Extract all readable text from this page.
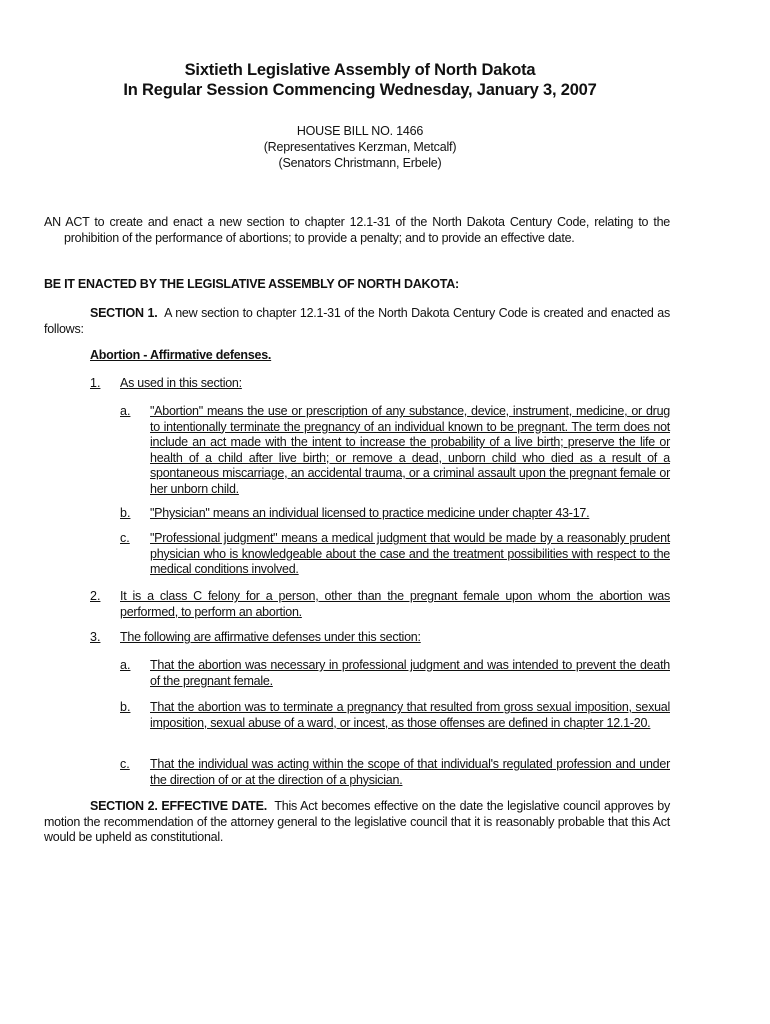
Sixtieth Legislative Assembly of North Dakota
In Regular Session Commencing Wednesday, January 3, 2007
HOUSE BILL NO. 1466
(Representatives Kerzman, Metcalf)
(Senators Christmann, Erbele)
AN ACT to create and enact a new section to chapter 12.1-31 of the North Dakota Century Code, relating to the prohibition of the performance of abortions; to provide a penalty; and to provide an effective date.
BE IT ENACTED BY THE LEGISLATIVE ASSEMBLY OF NORTH DAKOTA:
SECTION 1. A new section to chapter 12.1-31 of the North Dakota Century Code is created and enacted as follows:
Abortion - Affirmative defenses.
1. As used in this section:
a. "Abortion" means the use or prescription of any substance, device, instrument, medicine, or drug to intentionally terminate the pregnancy of an individual known to be pregnant. The term does not include an act made with the intent to increase the probability of a live birth; preserve the life or health of a child after live birth; or remove a dead, unborn child who died as a result of a spontaneous miscarriage, an accidental trauma, or a criminal assault upon the pregnant female or her unborn child.
b. "Physician" means an individual licensed to practice medicine under chapter 43-17.
c. "Professional judgment" means a medical judgment that would be made by a reasonably prudent physician who is knowledgeable about the case and the treatment possibilities with respect to the medical conditions involved.
2. It is a class C felony for a person, other than the pregnant female upon whom the abortion was performed, to perform an abortion.
3. The following are affirmative defenses under this section:
a. That the abortion was necessary in professional judgment and was intended to prevent the death of the pregnant female.
b. That the abortion was to terminate a pregnancy that resulted from gross sexual imposition, sexual imposition, sexual abuse of a ward, or incest, as those offenses are defined in chapter 12.1-20.
c. That the individual was acting within the scope of that individual's regulated profession and under the direction of or at the direction of a physician.
SECTION 2. EFFECTIVE DATE. This Act becomes effective on the date the legislative council approves by motion the recommendation of the attorney general to the legislative council that it is reasonably probable that this Act would be upheld as constitutional.
